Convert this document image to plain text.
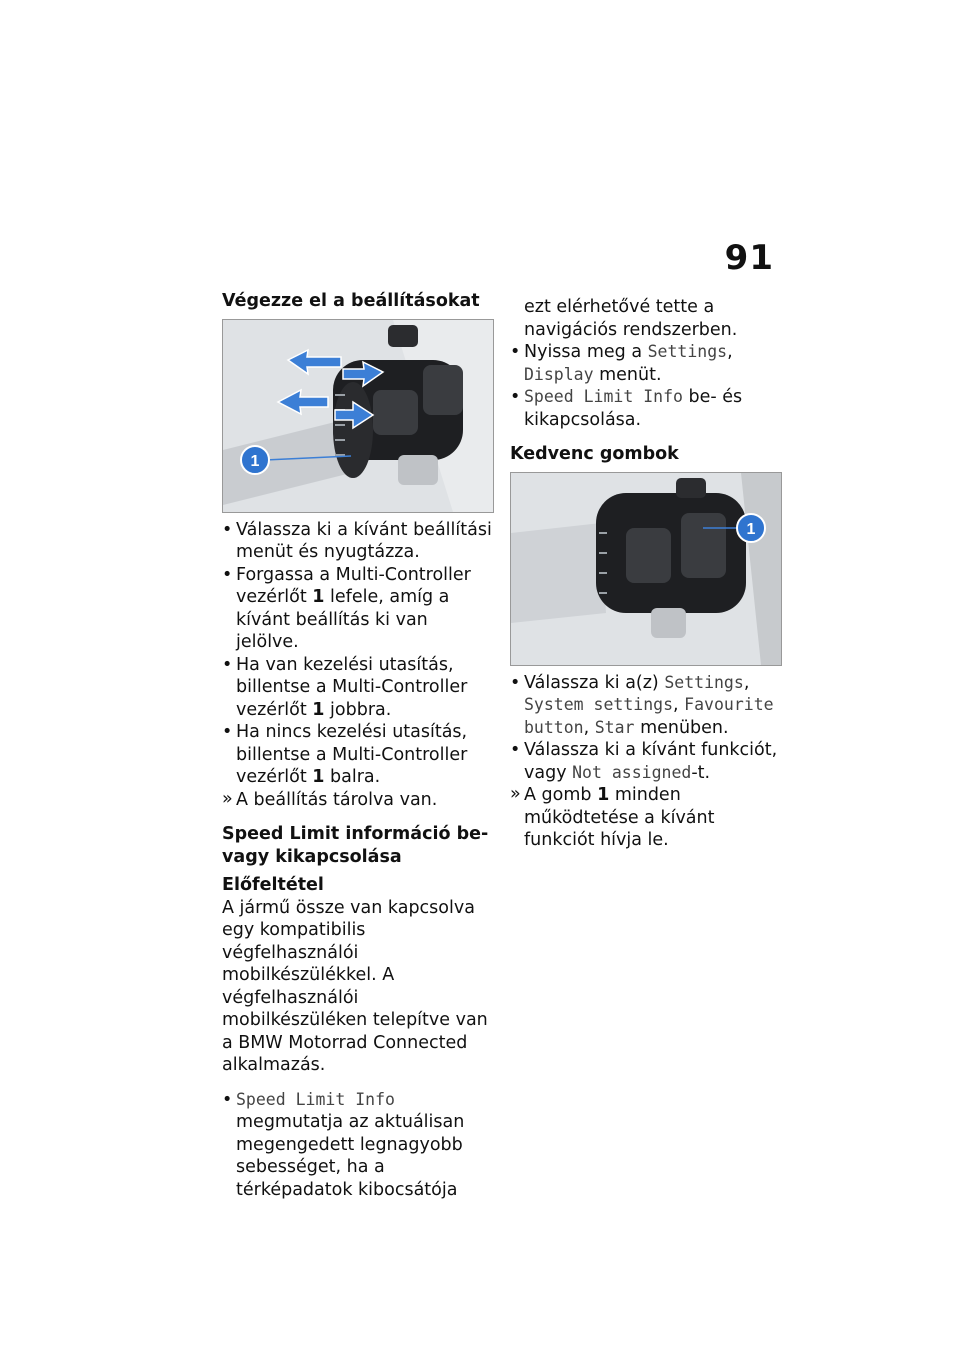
91
Végezze el a beállításokat
1
• Válassza ki a kívánt beállítási menüt és nyugtázza.
• Forgassa a Multi-Controller vezérlőt 1 lefele, amíg a kívánt beállítás ki van jelölve.
• Ha van kezelési utasítás, billentse a Multi-Controller vezérlőt 1 jobbra.
• Ha nincs kezelési utasítás, billentse a Multi-Controller vezérlőt 1 balra.
» A beállítás tárolva van.
Speed Limit információ be- vagy kikapcsolása
Előfeltétel

A jármű össze van kapcsolva egy kompatibilis végfelhasználói mobilkészülékkel. A végfelhasználói mobilkészüléken telepítve van a BMW Motorrad Connected alkalmazás.

• Speed Limit Info megmutatja az aktuálisan megengedett legnagyobb sebességet, ha a térképadatok kibocsátója

ezt elérhetővé tette a navigációs rendszerben.

• Nyissa meg a Settings, Display menüt.
• Speed Limit Info be- és kikapcsolása.
Kedvenc gombok
1
• Válassza ki a(z) Settings, System settings, Favourite button, Star menüben.
• Válassza ki a kívánt funkciót, vagy Not assigned-t.
» A gomb 1 minden működtetése a kívánt funkciót hívja le.
